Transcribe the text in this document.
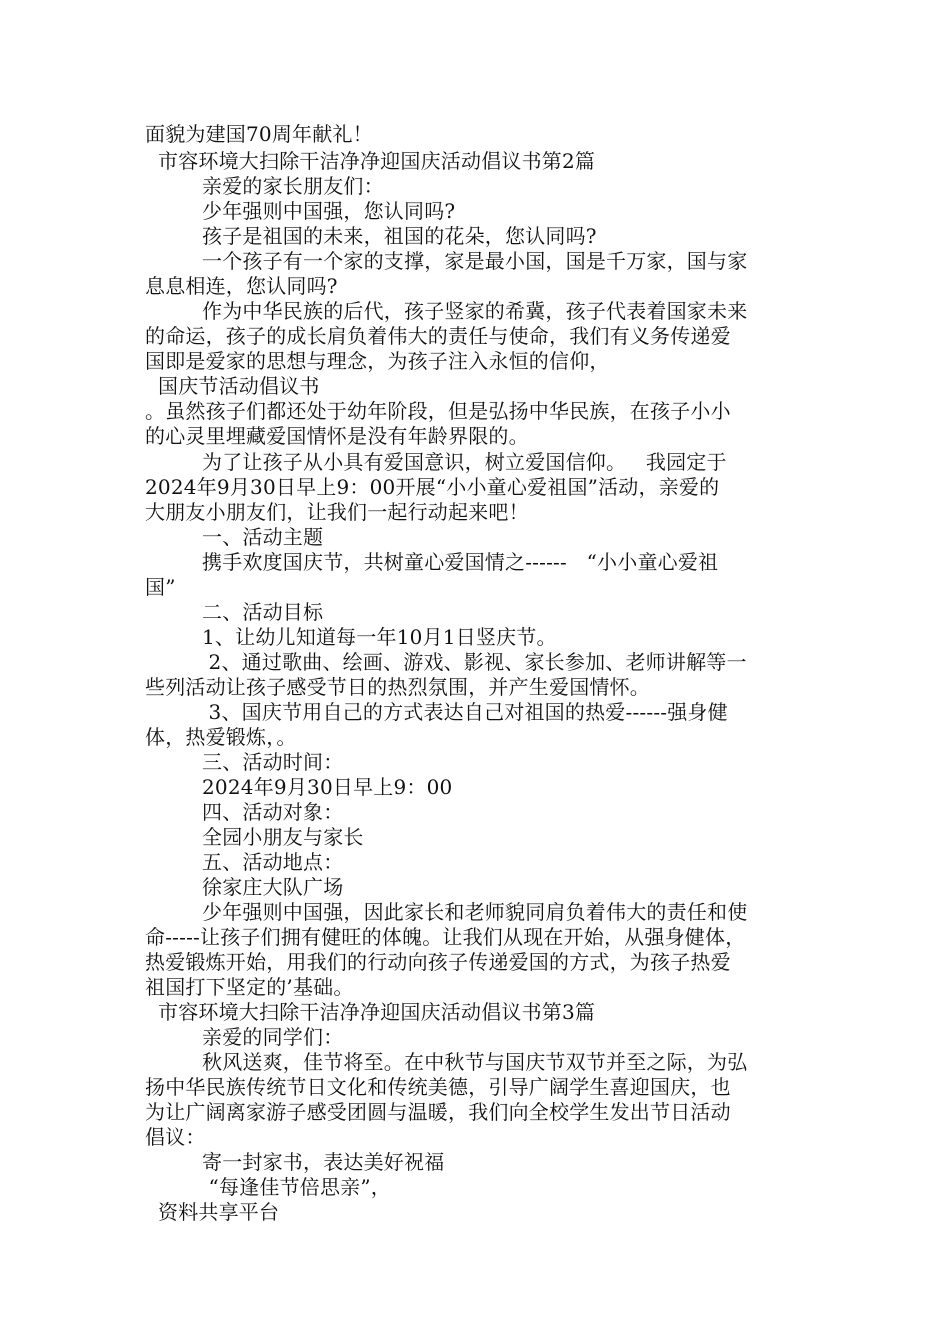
面貌为建国70周年献礼！
市容环境大扫除干洁净净迎国庆活动倡议书第2篇
亲爱的家长朋友们：
少年强则中国强，您认同吗?
孩子是祖国的未来，祖国的花朵，您认同吗?
一个孩子有一个家的支撑，家是最小国，国是千万家，国与家
息息相连，您认同吗?
作为中华民族的后代，孩子竖家的希冀，孩子代表着国家未来
的命运，孩子的成长肩负着伟大的责任与使命，我们有义务传递爱
国即是爱家的思想与理念，为孩子注入永恒的信仰，
国庆节活动倡议书
。虽然孩子们都还处于幼年阶段，但是弘扬中华民族，在孩子小小
的心灵里埋藏爱国情怀是没有年龄界限的。
为了让孩子从小具有爱国意识，树立爱国信仰。   我园定于
2024年9月30日早上9：00开展“小小童心爱祖国”活动，亲爱的
大朋友小朋友们，让我们一起行动起来吧！
一、活动主题
携手欢度国庆节，共树童心爱国情之------   “小小童心爱祖
国”
二、活动目标
1、让幼儿知道每一年10月1日竖庆节。
2、通过歌曲、绘画、游戏、影视、家长参加、老师讲解等一
些列活动让孩子感受节日的热烈氛围，并产生爱国情怀。
3、国庆节用自己的方式表达自己对祖国的热爱------强身健
体，热爱锻炼，。
三、活动时间：
2024年9月30日早上9：00
四、活动对象：
全园小朋友与家长
五、活动地点：
徐家庄大队广场
少年强则中国强，因此家长和老师貌同肩负着伟大的责任和使
命-----让孩子们拥有健旺的体魄。让我们从现在开始，从强身健体，
热爱锻炼开始，用我们的行动向孩子传递爱国的方式，为孩子热爱
祖国打下坚定的’基础。
市容环境大扫除干洁净净迎国庆活动倡议书第3篇
亲爱的同学们：
秋风送爽，佳节将至。在中秋节与国庆节双节并至之际，为弘
扬中华民族传统节日文化和传统美德，引导广阔学生喜迎国庆，也
为让广阔离家游子感受团圆与温暖，我们向全校学生发出节日活动
倡议：
寄一封家书，表达美好祝福
“每逢佳节倍思亲”，
资料共享平台
